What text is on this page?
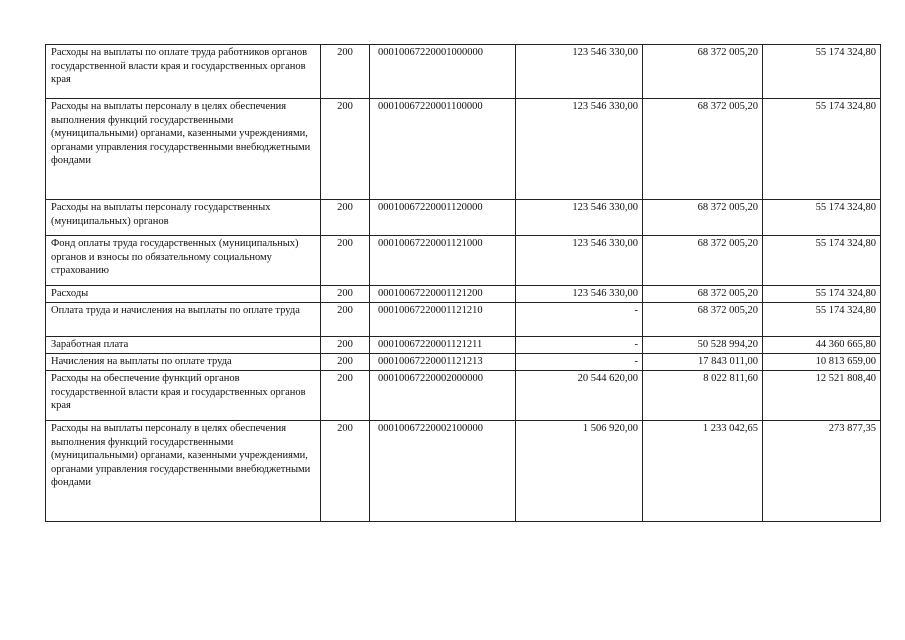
Расходы на выплаты по оплате труда работников органов государственной власти края и государственных органов края	200	00010067220001000000	123 546 330,00	68 372 005,20	55 174 324,80
Расходы на выплаты персоналу в целях обеспечения выполнения функций государственными (муниципальными) органами, казенными учреждениями, органами управления государственными внебюджетными фондами	200	00010067220001100000	123 546 330,00	68 372 005,20	55 174 324,80
Расходы на выплаты персоналу государственных (муниципальных) органов	200	00010067220001120000	123 546 330,00	68 372 005,20	55 174 324,80
Фонд оплаты труда государственных (муниципальных) органов и взносы по обязательному социальному страхованию	200	00010067220001121000	123 546 330,00	68 372 005,20	55 174 324,80
Расходы	200	00010067220001121200	123 546 330,00	68 372 005,20	55 174 324,80
Оплата труда и начисления на выплаты по оплате труда	200	00010067220001121210	-	68 372 005,20	55 174 324,80
Заработная плата	200	00010067220001121211	-	50 528 994,20	44 360 665,80
Начисления на выплаты по оплате труда	200	00010067220001121213	-	17 843 011,00	10 813 659,00
Расходы на обеспечение функций органов государственной власти края и государственных органов края	200	00010067220002000000	20 544 620,00	8 022 811,60	12 521 808,40
Расходы на выплаты персоналу в целях обеспечения выполнения функций государственными (муниципальными) органами, казенными учреждениями, органами управления государственными внебюджетными фондами	200	00010067220002100000	1 506 920,00	1 233 042,65	273 877,35
